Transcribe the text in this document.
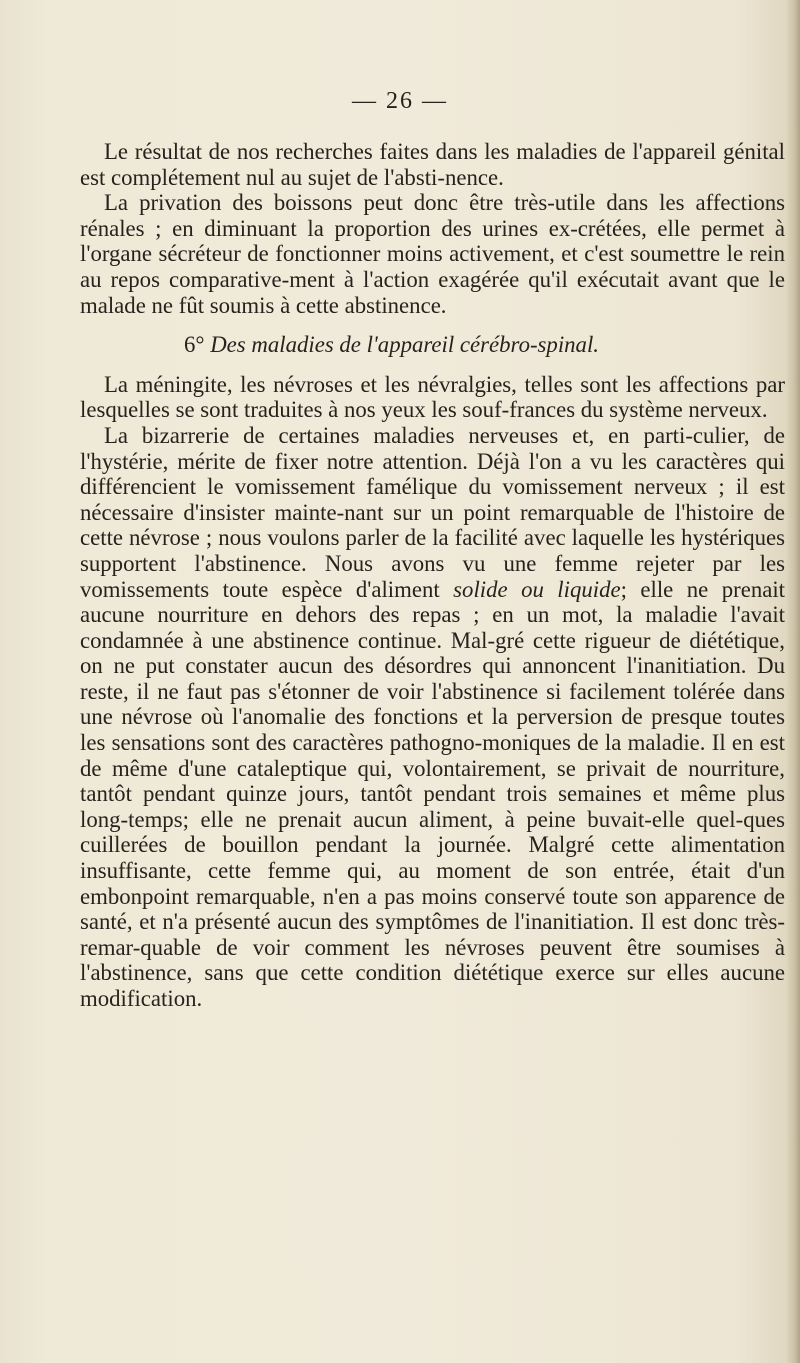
— 26 —

Le résultat de nos recherches faites dans les maladies de l'appareil génital est complétement nul au sujet de l'absti-nence.

La privation des boissons peut donc être très-utile dans les affections rénales ; en diminuant la proportion des urines ex-crétées, elle permet à l'organe sécréteur de fonctionner moins activement, et c'est soumettre le rein au repos comparative-ment à l'action exagérée qu'il exécutait avant que le malade ne fût soumis à cette abstinence.

6° Des maladies de l'appareil cérébro-spinal.

La méningite, les névroses et les névralgies, telles sont les affections par lesquelles se sont traduites à nos yeux les souf-frances du système nerveux.

La bizarrerie de certaines maladies nerveuses et, en parti-culier, de l'hystérie, mérite de fixer notre attention. Déjà l'on a vu les caractères qui différencient le vomissement famélique du vomissement nerveux ; il est nécessaire d'insister mainte-nant sur un point remarquable de l'histoire de cette névrose ; nous voulons parler de la facilité avec laquelle les hystériques supportent l'abstinence. Nous avons vu une femme rejeter par les vomissements toute espèce d'aliment solide ou liquide; elle ne prenait aucune nourriture en dehors des repas ; en un mot, la maladie l'avait condamnée à une abstinence continue. Mal-gré cette rigueur de diététique, on ne put constater aucun des désordres qui annoncent l'inanitiation. Du reste, il ne faut pas s'étonner de voir l'abstinence si facilement tolérée dans une névrose où l'anomalie des fonctions et la perversion de presque toutes les sensations sont des caractères pathogno-moniques de la maladie. Il en est de même d'une cataleptique qui, volontairement, se privait de nourriture, tantôt pendant quinze jours, tantôt pendant trois semaines et même plus long-temps; elle ne prenait aucun aliment, à peine buvait-elle quel-ques cuillerées de bouillon pendant la journée. Malgré cette alimentation insuffisante, cette femme qui, au moment de son entrée, était d'un embonpoint remarquable, n'en a pas moins conservé toute son apparence de santé, et n'a présenté aucun des symptômes de l'inanitiation. Il est donc très-remar-quable de voir comment les névroses peuvent être soumises à l'abstinence, sans que cette condition diététique exerce sur elles aucune modification.
